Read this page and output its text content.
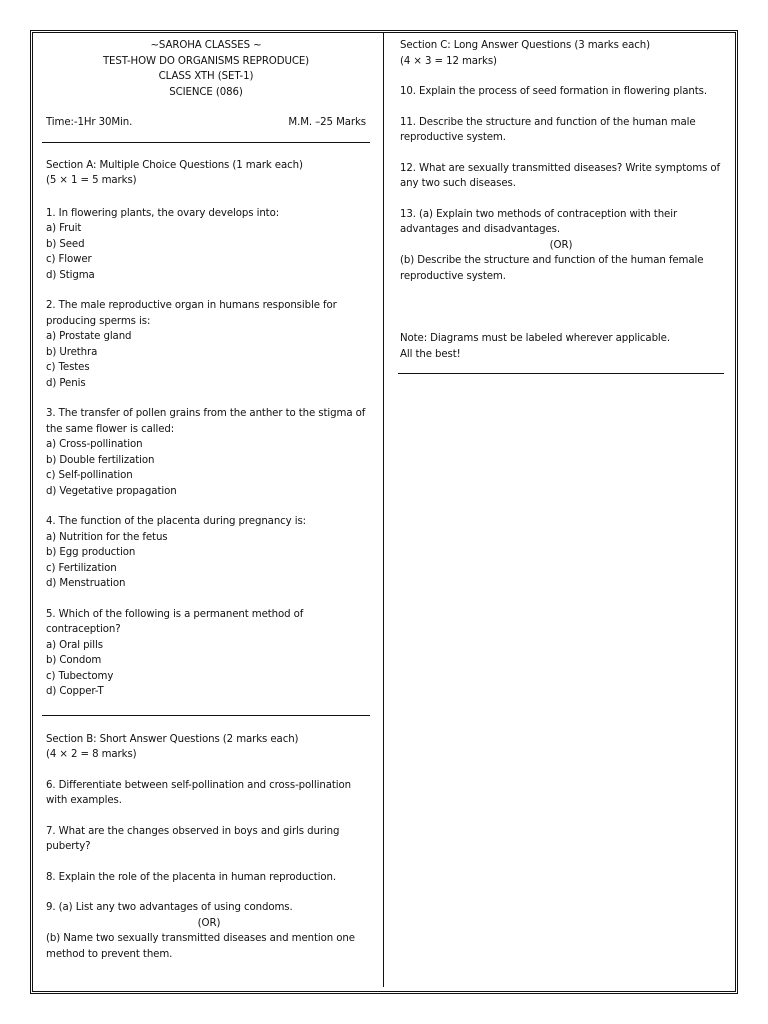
~SAROHA CLASSES ~
TEST-HOW DO ORGANISMS REPRODUCE)
CLASS XTH (SET-1)
SCIENCE (086)
Time:-1Hr 30Min.	M.M. –25 Marks
Section A: Multiple Choice Questions (1 mark each)
(5 × 1 = 5 marks)
1. In flowering plants, the ovary develops into:
a) Fruit
b) Seed
c) Flower
d) Stigma
2. The male reproductive organ in humans responsible for
producing sperms is:
a) Prostate gland
b) Urethra
c) Testes
d) Penis
3. The transfer of pollen grains from the anther to the stigma of
the same flower is called:
a) Cross-pollination
b) Double fertilization
c) Self-pollination
d) Vegetative propagation
4. The function of the placenta during pregnancy is:
a) Nutrition for the fetus
b) Egg production
c) Fertilization
d) Menstruation
5. Which of the following is a permanent method of
contraception?
a) Oral pills
b) Condom
c) Tubectomy
d) Copper-T
Section B: Short Answer Questions (2 marks each)
(4 × 2 = 8 marks)
6. Differentiate between self-pollination and cross-pollination
with examples.
7. What are the changes observed in boys and girls during
puberty?
8. Explain the role of the placenta in human reproduction.
9. (a) List any two advantages of using condoms.
(OR)
(b) Name two sexually transmitted diseases and mention one
method to prevent them.
Section C: Long Answer Questions (3 marks each)
(4 × 3 = 12 marks)
10. Explain the process of seed formation in flowering plants.
11. Describe the structure and function of the human male
reproductive system.
12. What are sexually transmitted diseases? Write symptoms of
any two such diseases.
13. (a) Explain two methods of contraception with their
advantages and disadvantages.
(OR)
(b) Describe the structure and function of the human female
reproductive system.
Note: Diagrams must be labeled wherever applicable.
All the best!
